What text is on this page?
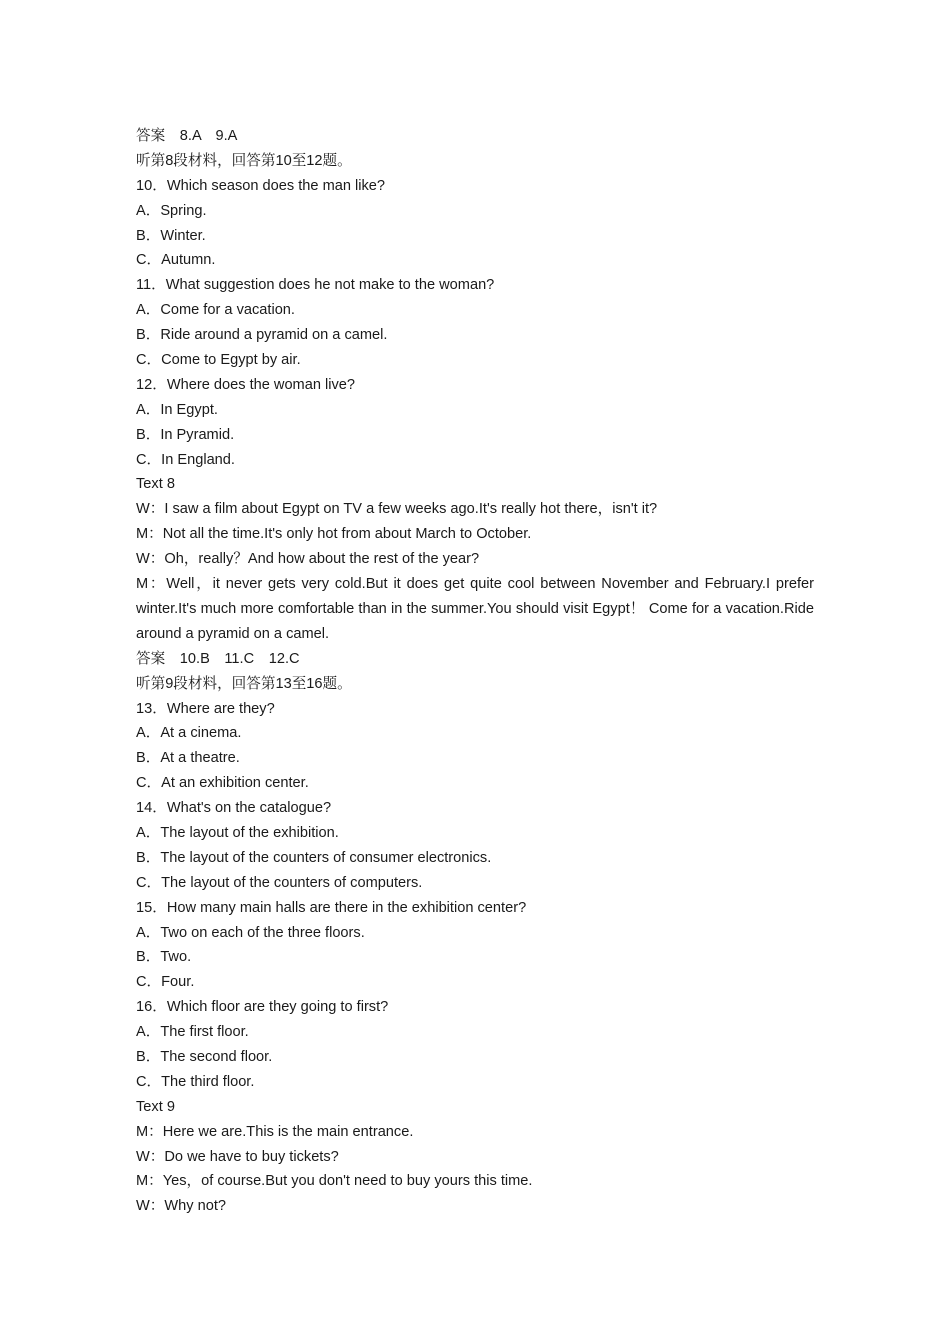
答案　8.A　9.A
听第8段材料，回答第10至12题。
10．Which season does the man like?
A．Spring.
B．Winter.
C．Autumn.
11．What suggestion does he not make to the woman?
A．Come for a vacation.
B．Ride around a pyramid on a camel.
C．Come to Egypt by air.
12．Where does the woman live?
A．In Egypt.
B．In Pyramid.
C．In England.
Text 8
W：I saw a film about Egypt on TV a few weeks ago.It's really hot there，isn't it?
M：Not all the time.It's only hot from about March to October.
W：Oh，really？And how about the rest of the year?
M：Well，it never gets very cold.But it does get quite cool between November and February.I prefer winter.It's much more comfortable than in the summer.You should visit Egypt！ Come for a vacation.Ride around a pyramid on a camel.
答案　10.B　11.C　12.C
听第9段材料，回答第13至16题。
13．Where are they?
A．At a cinema.
B．At a theatre.
C．At an exhibition center.
14．What's on the catalogue?
A．The layout of the exhibition.
B．The layout of the counters of consumer electronics.
C．The layout of the counters of computers.
15．How many main halls are there in the exhibition center?
A．Two on each of the three floors.
B．Two.
C．Four.
16．Which floor are they going to first?
A．The first floor.
B．The second floor.
C．The third floor.
Text 9
M：Here we are.This is the main entrance.
W：Do we have to buy tickets?
M：Yes，of course.But you don't need to buy yours this time.
W：Why not?
